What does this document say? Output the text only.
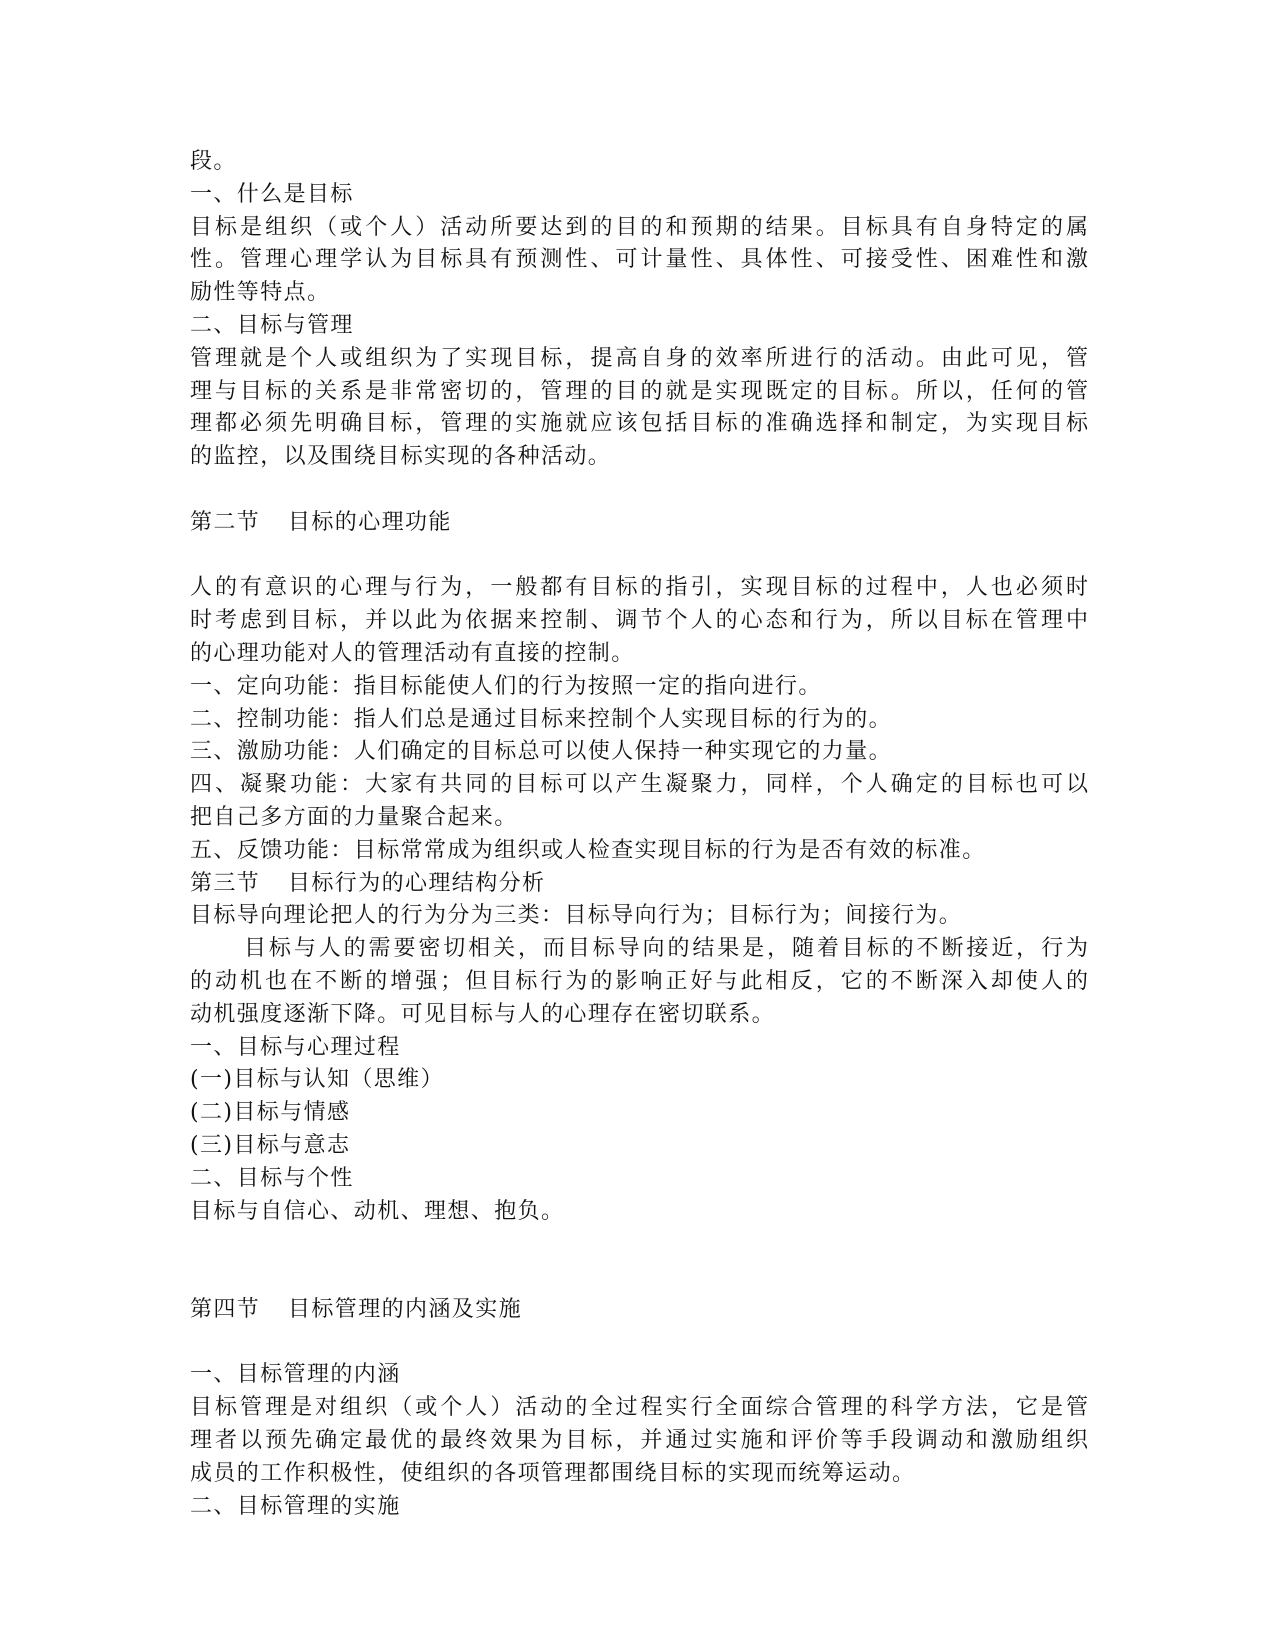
段。
一、什么是目标
目标是组织（或个人）活动所要达到的目的和预期的结果。目标具有自身特定的属
性。管理心理学认为目标具有预测性、可计量性、具体性、可接受性、困难性和激
励性等特点。
二、目标与管理
管理就是个人或组织为了实现目标，提高自身的效率所进行的活动。由此可见，管
理与目标的关系是非常密切的，管理的目的就是实现既定的目标。所以，任何的管
理都必须先明确目标，管理的实施就应该包括目标的准确选择和制定，为实现目标
的监控，以及围绕目标实现的各种活动。
第二节 目标的心理功能
人的有意识的心理与行为，一般都有目标的指引，实现目标的过程中，人也必须时
时考虑到目标，并以此为依据来控制、调节个人的心态和行为，所以目标在管理中
的心理功能对人的管理活动有直接的控制。
一、定向功能：指目标能使人们的行为按照一定的指向进行。
二、控制功能：指人们总是通过目标来控制个人实现目标的行为的。
三、激励功能：人们确定的目标总可以使人保持一种实现它的力量。
四、凝聚功能：大家有共同的目标可以产生凝聚力，同样，个人确定的目标也可以
把自己多方面的力量聚合起来。
五、反馈功能：目标常常成为组织或人检查实现目标的行为是否有效的标准。
第三节 目标行为的心理结构分析
目标导向理论把人的行为分为三类：目标导向行为；目标行为；间接行为。
目标与人的需要密切相关，而目标导向的结果是，随着目标的不断接近，行为
的动机也在不断的增强；但目标行为的影响正好与此相反，它的不断深入却使人的
动机强度逐渐下降。可见目标与人的心理存在密切联系。
一、目标与心理过程
(一)目标与认知（思维）
(二)目标与情感
(三)目标与意志
二、目标与个性
目标与自信心、动机、理想、抱负。
第四节 目标管理的内涵及实施
一、目标管理的内涵
目标管理是对组织（或个人）活动的全过程实行全面综合管理的科学方法，它是管
理者以预先确定最优的最终效果为目标，并通过实施和评价等手段调动和激励组织
成员的工作积极性，使组织的各项管理都围绕目标的实现而统筹运动。
二、目标管理的实施
